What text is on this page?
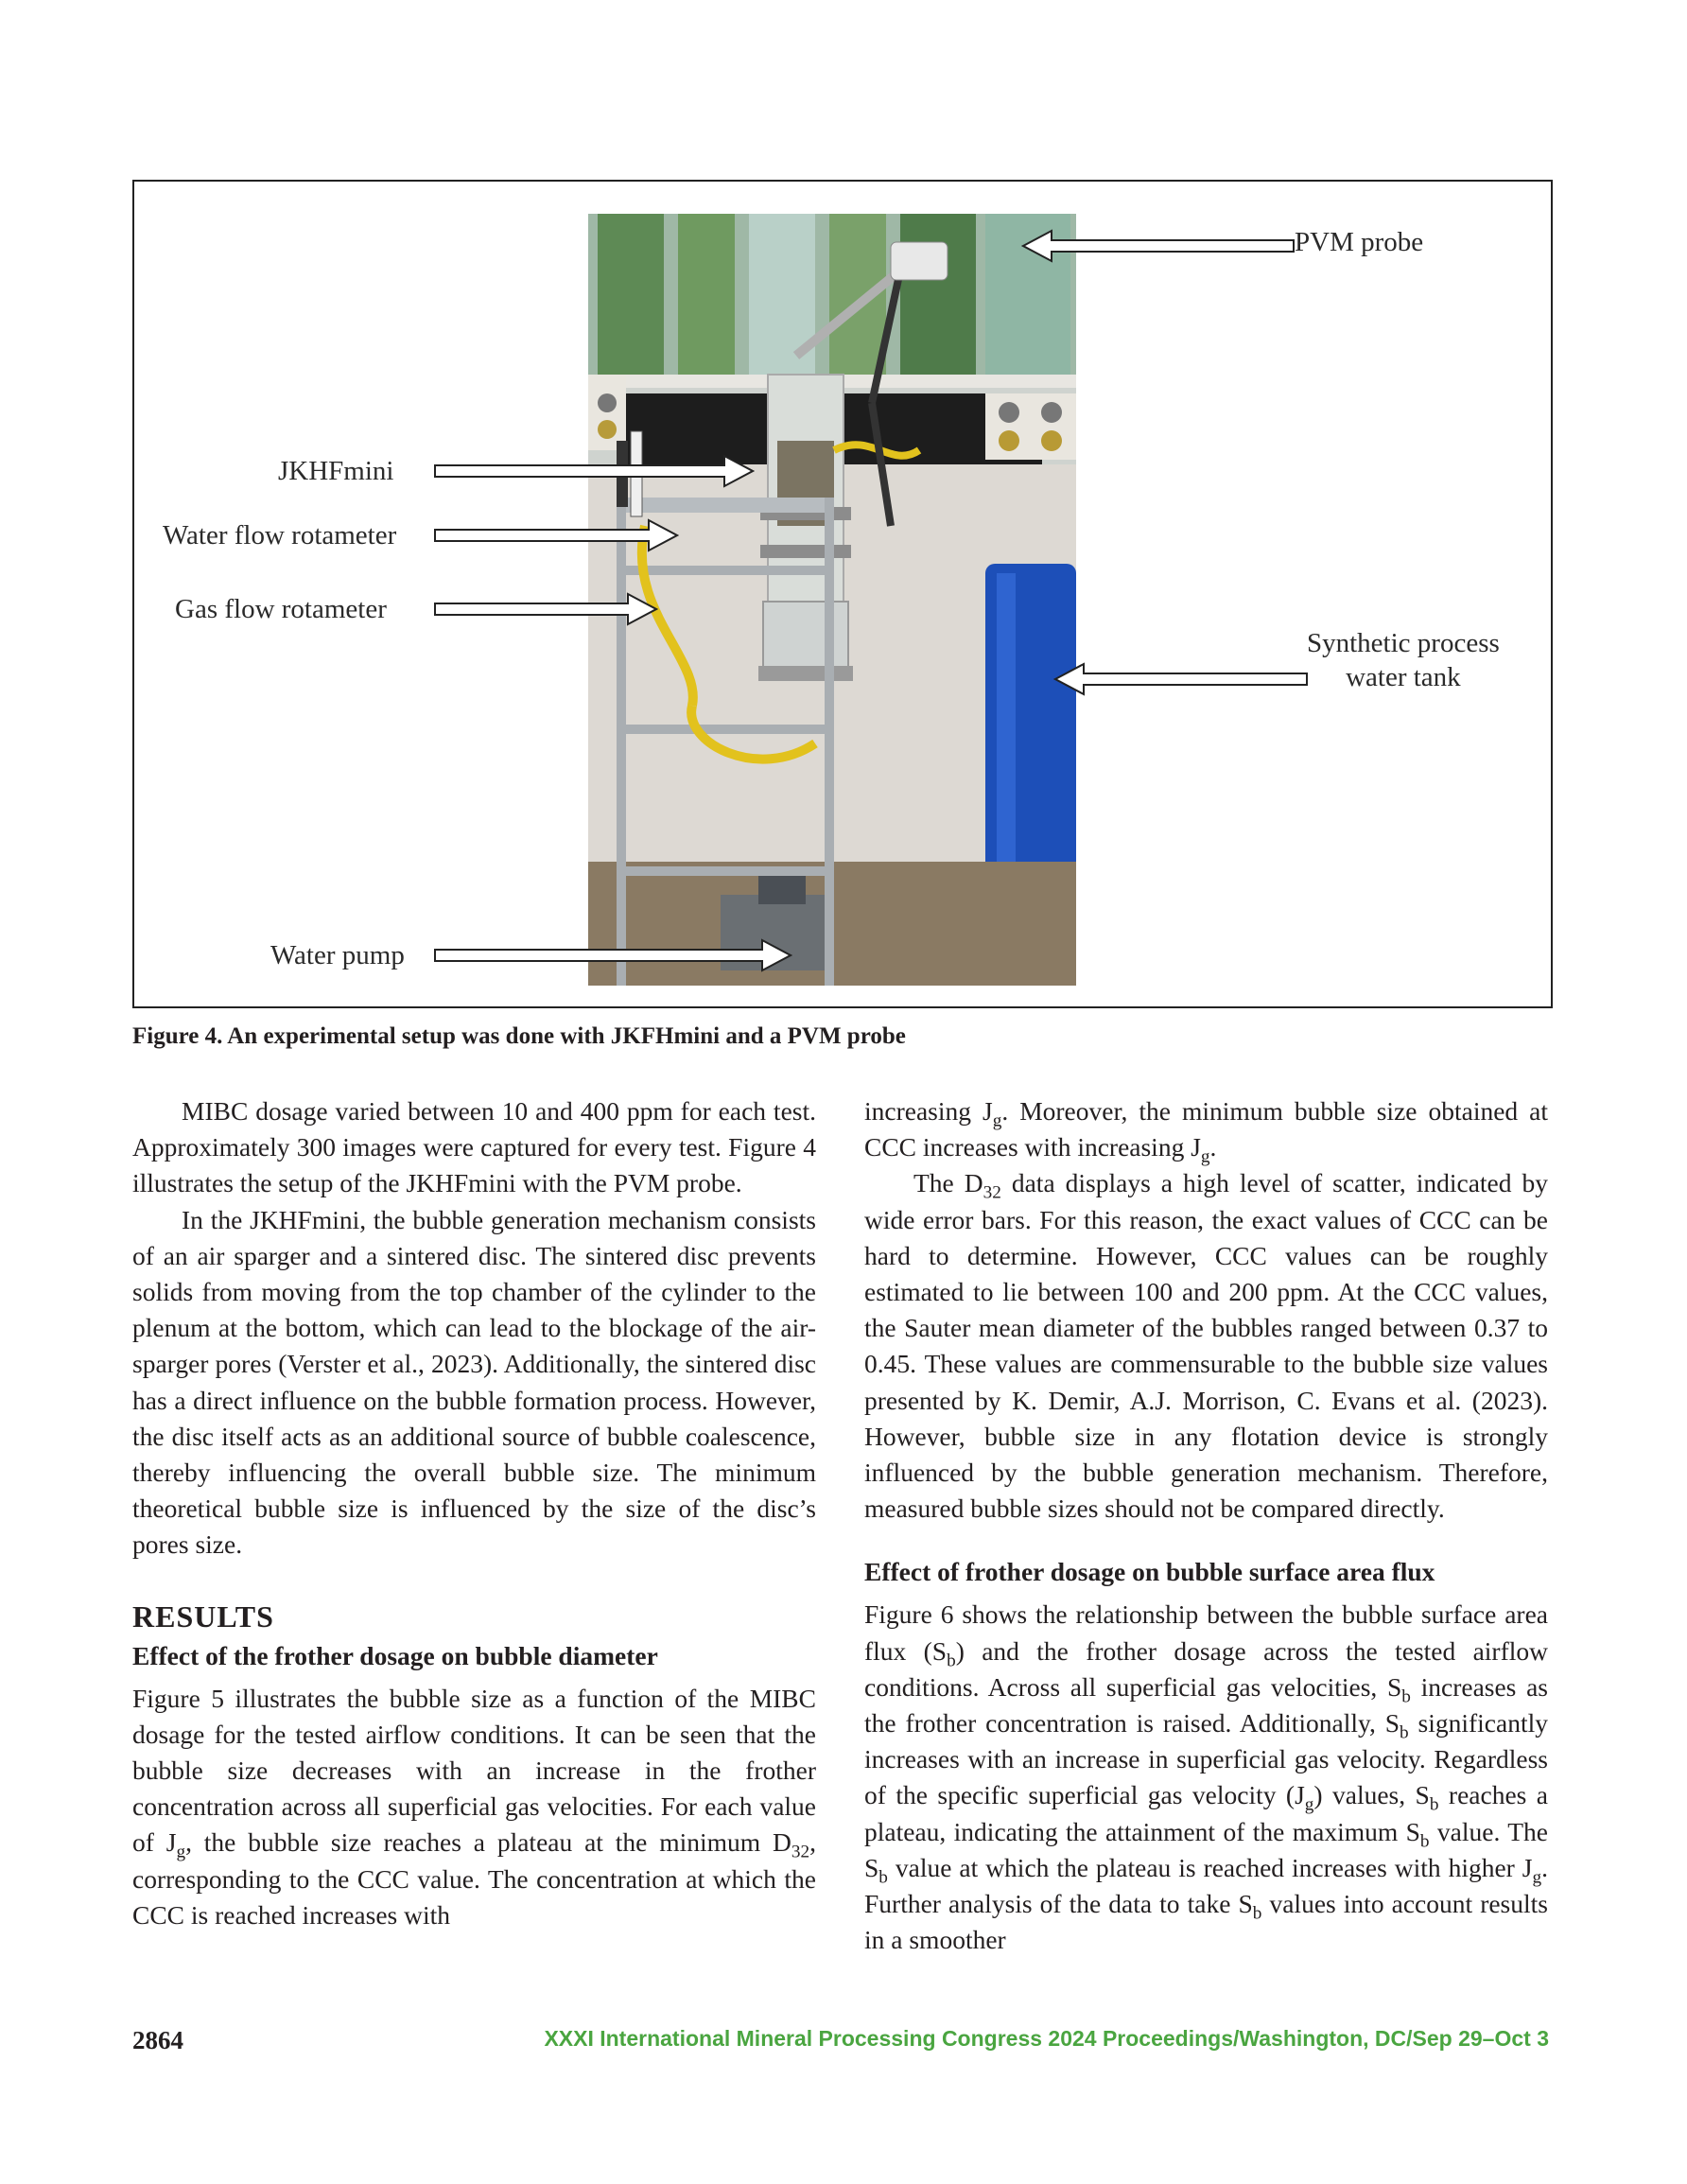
PVM probe
JKHFmini
Water flow rotameter
Gas flow rotameter
Synthetic process
water tank
Water pump
Figure 4. An experimental setup was done with JKFHmini and a PVM probe

MIBC dosage varied between 10 and 400 ppm for each test. Approximately 300 images were captured for every test. Figure 4 illustrates the setup of the JKHFmini with the PVM probe.

In the JKHFmini, the bubble generation mechanism consists of an air sparger and a sintered disc. The sintered disc prevents solids from moving from the top chamber of the cylinder to the plenum at the bottom, which can lead to the blockage of the air-sparger pores (Verster et al., 2023). Additionally, the sintered disc has a direct influence on the bubble formation process. However, the disc itself acts as an additional source of bubble coalescence, thereby influencing the overall bubble size. The minimum theoretical bubble size is influenced by the size of the disc’s pores size.

RESULTS
Effect of the frother dosage on bubble diameter

Figure 5 illustrates the bubble size as a function of the MIBC dosage for the tested airflow conditions. It can be seen that the bubble size decreases with an increase in the frother concentration across all superficial gas velocities. For each value of $J_g$, the bubble size reaches a plateau at the minimum $D_{32}$, corresponding to the CCC value. The concentration at which the CCC is reached increases with

increasing $J_g$. Moreover, the minimum bubble size obtained at CCC increases with increasing $J_g$.

The $D_{32}$ data displays a high level of scatter, indicated by wide error bars. For this reason, the exact values of CCC can be hard to determine. However, CCC values can be roughly estimated to lie between 100 and 200 ppm. At the CCC values, the Sauter mean diameter of the bubbles ranged between 0.37 to 0.45. These values are commensurable to the bubble size values presented by K. Demir, A.J. Morrison, C. Evans et al. (2023). However, bubble size in any flotation device is strongly influenced by the bubble generation mechanism. Therefore, measured bubble sizes should not be compared directly.

Effect of frother dosage on bubble surface area flux

Figure 6 shows the relationship between the bubble surface area flux $(S_b)$ and the frother dosage across the tested airflow conditions. Across all superficial gas velocities, $S_b$ increases as the frother concentration is raised. Additionally, $S_b$ significantly increases with an increase in superficial gas velocity. Regardless of the specific superficial gas velocity $(J_g)$ values, $S_b$ reaches a plateau, indicating the attainment of the maximum $S_b$ value. The $S_b$ value at which the plateau is reached increases with higher $J_g$. Further analysis of the data to take $S_b$ values into account results in a smoother

2864	XXXI International Mineral Processing Congress 2024 Proceedings/Washington, DC/Sep 29–Oct 3
